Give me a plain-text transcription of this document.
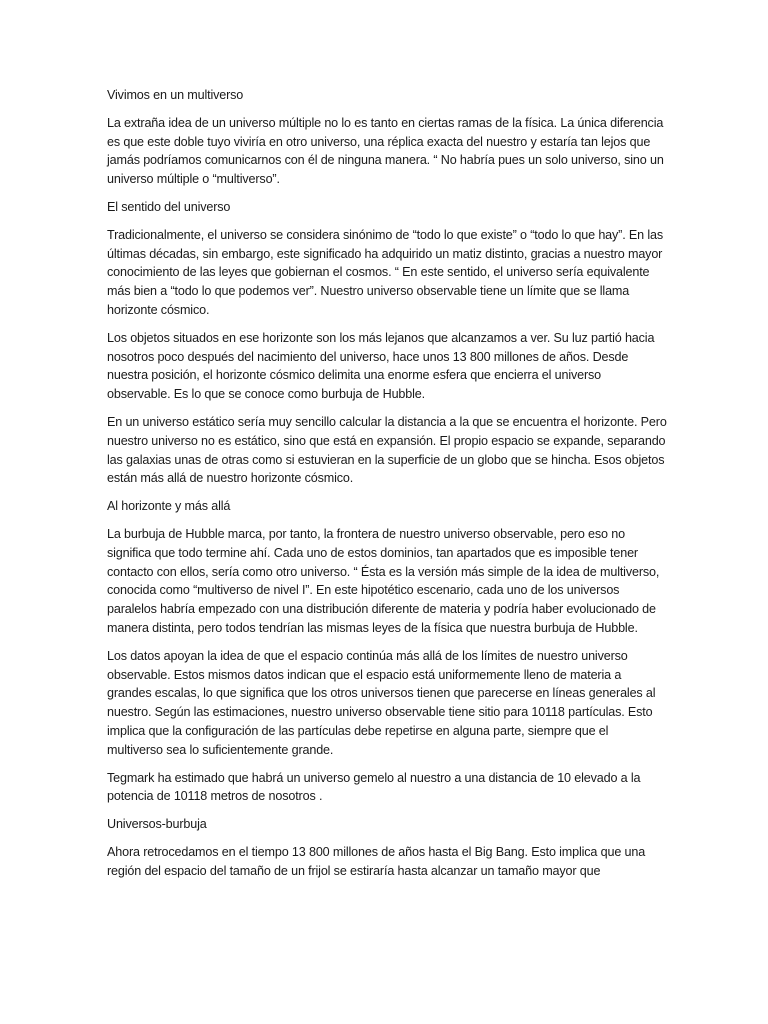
Vivimos en un multiverso
La extraña idea de un universo múltiple no lo es tanto en ciertas ramas de la física. La única diferencia es que este doble tuyo viviría en otro universo, una réplica exacta del nuestro y estaría tan lejos que jamás podríamos comunicarnos con él de ninguna manera. “ No habría pues un solo universo, sino un universo múltiple o “multiverso”.
El sentido del universo
Tradicionalmente, el universo se considera sinónimo de “todo lo que existe” o “todo lo que hay”. En las últimas décadas, sin embargo, este significado ha adquirido un matiz distinto, gracias a nuestro mayor conocimiento de las leyes que gobiernan el cosmos. “ En este sentido, el universo sería equivalente más bien a “todo lo que podemos ver”. Nuestro universo observable tiene un límite que se llama horizonte cósmico.
Los objetos situados en ese horizonte son los más lejanos que alcanzamos a ver. Su luz partió hacia nosotros poco después del nacimiento del universo, hace unos 13 800 millones de años. Desde nuestra posición, el horizonte cósmico delimita una enorme esfera que encierra el universo observable. Es lo que se conoce como burbuja de Hubble.
En un universo estático sería muy sencillo calcular la distancia a la que se encuentra el horizonte. Pero nuestro universo no es estático, sino que está en expansión. El propio espacio se expande, separando las galaxias unas de otras como si estuvieran en la superficie de un globo que se hincha. Esos objetos están más allá de nuestro horizonte cósmico.
Al horizonte y más allá
La burbuja de Hubble marca, por tanto, la frontera de nuestro universo observable, pero eso no significa que todo termine ahí. Cada uno de estos dominios, tan apartados que es imposible tener contacto con ellos, sería como otro universo. “ Ésta es la versión más simple de la idea de multiverso, conocida como “multiverso de nivel I”. En este hipotético escenario, cada uno de los universos paralelos habría empezado con una distribución diferente de materia y podría haber evolucionado de manera distinta, pero todos tendrían las mismas leyes de la física que nuestra burbuja de Hubble.
Los datos apoyan la idea de que el espacio continúa más allá de los límites de nuestro universo observable. Estos mismos datos indican que el espacio está uniformemente lleno de materia a grandes escalas, lo que significa que los otros universos tienen que parecerse en líneas generales al nuestro. Según las estimaciones, nuestro universo observable tiene sitio para 10118 partículas. Esto implica que la configuración de las partículas debe repetirse en alguna parte, siempre que el multiverso sea lo suficientemente grande.
Tegmark ha estimado que habrá un universo gemelo al nuestro a una distancia de 10 elevado a la potencia de 10118 metros de nosotros .
Universos-burbuja
Ahora retrocedamos en el tiempo 13 800 millones de años hasta el Big Bang. Esto implica que una región del espacio del tamaño de un frijol se estiraría hasta alcanzar un tamaño mayor que
